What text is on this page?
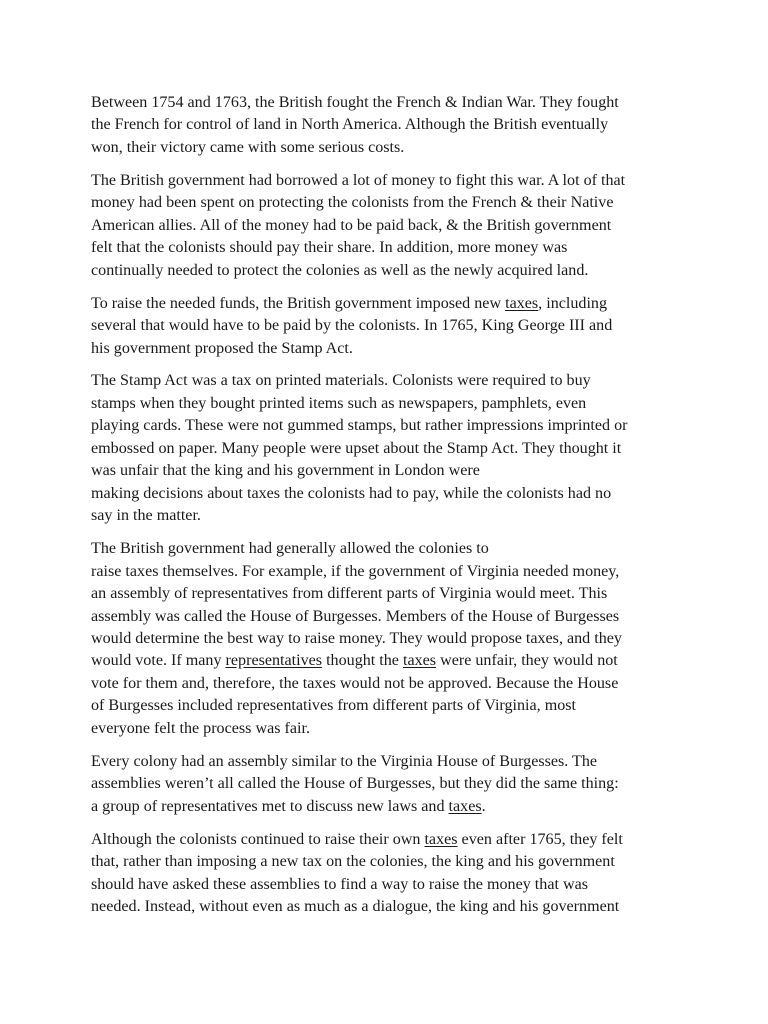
Between 1754 and 1763, the British fought the French & Indian War. They fought
the French for control of land in North America. Although the British eventually
won, their victory came with some serious costs.

The British government had borrowed a lot of money to fight this war. A lot of that
money had been spent on protecting the colonists from the French & their Native
American allies. All of the money had to be paid back, & the British government
felt that the colonists should pay their share. In addition, more money was
continually needed to protect the colonies as well as the newly acquired land.

To raise the needed funds, the British government imposed new taxes, including
several that would have to be paid by the colonists. In 1765, King George III and
his government proposed the Stamp Act.

The Stamp Act was a tax on printed materials. Colonists were required to buy
stamps when they bought printed items such as newspapers, pamphlets, even
playing cards. These were not gummed stamps, but rather impressions imprinted or
embossed on paper. Many people were upset about the Stamp Act. They thought it
was unfair that the king and his government in London were
making decisions about taxes the colonists had to pay, while the colonists had no
say in the matter.

The British government had generally allowed the colonies to
raise taxes themselves. For example, if the government of Virginia needed money,
an assembly of representatives from different parts of Virginia would meet. This
assembly was called the House of Burgesses. Members of the House of Burgesses
would determine the best way to raise money. They would propose taxes, and they
would vote. If many representatives thought the taxes were unfair, they would not
vote for them and, therefore, the taxes would not be approved. Because the House
of Burgesses included representatives from different parts of Virginia, most
everyone felt the process was fair.

Every colony had an assembly similar to the Virginia House of Burgesses. The
assemblies weren’t all called the House of Burgesses, but they did the same thing:
a group of representatives met to discuss new laws and taxes.

Although the colonists continued to raise their own taxes even after 1765, they felt
that, rather than imposing a new tax on the colonies, the king and his government
should have asked these assemblies to find a way to raise the money that was
needed. Instead, without even as much as a dialogue, the king and his government
